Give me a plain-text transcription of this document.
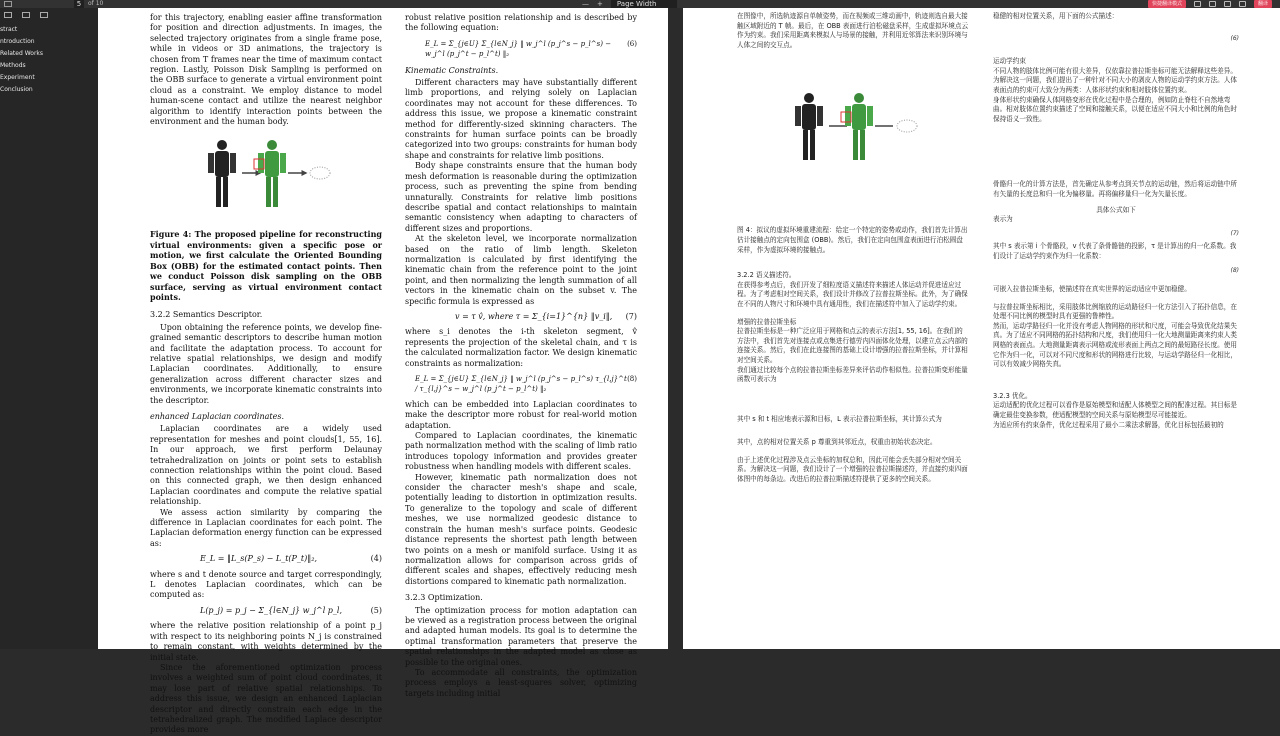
5	of 10	— +	Page Width	快捷翻译模式	翻译
stract
ntroduction
Related Works
Methods
Experiment
Conclusion

for this trajectory, enabling easier affine transformation for position and direction adjustments. In images, the selected trajectory originates from a single frame pose, while in videos or 3D animations, the trajectory is chosen from T frames near the time of maximum contact region. Lastly, Poisson Disk Sampling is performed on the OBB surface to generate a virtual environment point cloud as a constraint. We employ distance to model human-scene contact and utilize the nearest neighbor algorithm to identify interaction points between the environment and the human body.

Figure 4: The proposed pipeline for reconstructing virtual environments: given a specific pose or motion, we first calculate the Oriented Bounding Box (OBB) for the estimated contact points. Then we conduct Poisson disk sampling on the OBB surface, serving as virtual environment contact points.

3.2.2 Semantics Descriptor.

Upon obtaining the reference points, we develop fine-grained semantic descriptors to describe human motion and facilitate the adaptation process. To account for relative spatial relationships, we design and modify Laplacian coordinates. Additionally, to ensure generalization across different character sizes and environments, we incorporate kinematic constraints into the descriptor.

enhanced Laplacian coordinates.

Laplacian coordinates are a widely used representation for meshes and point clouds[1, 55, 16]. In our approach, we first perform Delaunay tetrahedralization on joints or point sets to establish connection relationships within the point cloud. Based on this connected graph, we then design enhanced Laplacian coordinates and compute the relative spatial relationship.

We assess action similarity by comparing the difference in Laplacian coordinates for each point. The Laplacian deformation energy function can be expressed as:

E_L = ‖L_s(P_s) − L_t(P_t)‖₂,	(4)

where s and t denote source and target correspondingly, L denotes Laplacian coordinates, which can be computed as:

L(p_j) = p_j − Σ_{l∈N_j} w_j^l p_l,	(5)

where the relative position relationship of a point p_j with respect to its neighboring points N_j is constrained to remain constant, with weights determined by the initial state.

Since the aforementioned optimization process involves a weighted sum of point cloud coordinates, it may lose part of relative spatial relationships. To address this issue, we design an enhanced Laplacian descriptor and directly constrain each edge in the tetrahedralized graph. The modified Laplace descriptor provides more

robust relative position relationship and is described by the following equation:

E_L = Σ_{j∈U} Σ_{l∈N_j} ‖ w_j^l (p_j^s − p_l^s) − w_j^l (p_j^t − p_l^t) ‖₂
(6)

Kinematic Constraints.

Different characters may have substantially different limb proportions, and relying solely on Laplacian coordinates may not account for these differences. To address this issue, we propose a kinematic constraint method for differently-sized skinning characters. The constraints for human surface points can be broadly categorized into two groups: constraints for human body shape and constraints for relative limb positions.

Body shape constraints ensure that the human body mesh deformation is reasonable during the optimization process, such as preventing the spine from bending unnaturally. Constraints for relative limb positions describe spatial and contact relationships to maintain semantic consistency when adapting to characters of different sizes and proportions.

At the skeleton level, we incorporate normalization based on the ratio of limb length. Skeleton normalization is calculated by first identifying the kinematic chain from the reference point to the joint point, and then normalizing the length summation of all vectors in the kinematic chain on the subset v. The specific formula is expressed as

v = τ v̂, where τ = Σ_{i=1}^{n} ‖v_i‖, (7)

where s_i denotes the i-th skeleton segment, v̂ represents the projection of the skeletal chain, and τ is the calculated normalization factor. We design kinematic constraints as normalization:

E_L = Σ_{j∈U} Σ_{l∈N_j} ‖ w_j^l (p_j^s − p_l^s) τ_{l,j}^t / τ_{l,j}^s − w_j^l (p_j^t − p_l^t) ‖₂
(8)

which can be embedded into Laplacian coordinates to make the descriptor more robust for real-world motion adaptation.

Compared to Laplacian coordinates, the kinematic path normalization method with the scaling of limb ratio introduces topology information and provides greater robustness when handling models with different scales.

However, kinematic path normalization does not consider the character mesh's shape and scale, potentially leading to distortion in optimization results. To generalize to the topology and scale of different meshes, we use normalized geodesic distance to constrain the human mesh's surface points. Geodesic distance represents the shortest path length between two points on a mesh or manifold surface. Using it as normalization allows for comparison across grids of different scales and shapes, effectively reducing mesh distortions compared to kinematic path normalization.

3.2.3 Optimization.

The optimization process for motion adaptation can be viewed as a registration process between the original and adapted human models. Its goal is to determine the optimal transformation parameters that preserve the spatial relationships in the adapted model as close as possible to the original ones.

To accommodate all constraints, the optimization process employs a least-squares solver, optimizing targets including initial

在图像中，所选轨迹源自单帧姿势，而在视频或三维动画中，轨迹则选自最大接触区域附近的 T 帧。最后，在 OBB 表面进行泊松磁盘采样，生成虚拟环境点云作为约束。我们采用距离来模拟人与场景的接触，并利用近邻算法来识别环境与人体之间的交互点。

图 4：拟议的虚拟环境重建流程：给定一个特定的姿势或动作，我们首先计算出估计接触点的定向包围盒 (OBB)。然后，我们在定向包围盒表面进行泊松圆盘采样，作为虚拟环境的接触点。

3.2.2 语义描述符。

在获得参考点后，我们开发了细粒度语义描述符来描述人体运动并促进适应过程。为了考虑相对空间关系，我们设计并修改了拉普拉斯坐标。此外，为了确保在不同的人物尺寸和环境中具有通用性，我们在描述符中加入了运动学约束。

增强的拉普拉斯坐标

拉普拉斯坐标是一种广泛应用于网格和点云的表示方法[1, 55, 16]。在我们的方法中，我们首先对连接点或点集进行德劳内四面体化处理，以建立点云内部的连接关系。然后，我们在此连接图的基础上设计增强的拉普拉斯坐标，并计算相对空间关系。

我们通过比较每个点的拉普拉斯坐标差异来评估动作相似性。拉普拉斯变形能量函数可表示为

其中 s 和 t 相应地表示源和目标，L 表示拉普拉斯坐标，其计算公式为

其中，点的相对位置关系 p 尊重到其邻近点，权重由初始状态决定。

由于上述优化过程涉及点云坐标的加权总和，因此可能会丢失部分相对空间关系。为解决这一问题，我们设计了一个增强的拉普拉斯描述符，并直接约束四面体图中的每条边。改进后的拉普拉斯描述符提供了更多的空间关系。

稳健的相对位置关系，用下面的公式描述：

(6)

运动学约束

不同人物的肢体比例可能有很大差异，仅依靠拉普拉斯坐标可能无法解释这些差异。为解决这一问题，我们提出了一种针对不同大小的剥皮人物的运动学约束方法。人体表面点的约束可大致分为两类：人体形状约束和相对肢体位置约束。

身体形状约束确保人体网格变形在优化过程中是合理的，例如防止脊柱不自然地弯曲。相对肢体位置约束描述了空间和接触关系，以便在适应不同大小和比例的角色时保持语义一致性。

骨骼归一化的计算方法是，首先确定从参考点到关节点的运动链，然后将运动链中所有矢量的长度总和归一化为偏移量。再将偏移量归一化为矢量长度。

具体公式如下

表示为

(7)

其中 s 表示第 i 个骨骼段，v 代表了条骨骼链的投影，τ 是计算出的归一化系数。我们设计了运动学约束作为归一化系数：

(8)

可嵌入拉普拉斯坐标，使描述符在真实世界的运动适应中更加稳健。

与拉普拉斯坐标相比，采用肢体比例缩放的运动路径归一化方法引入了拓扑信息，在处理不同比例的模型时具有更强的鲁棒性。

然而，运动学路径归一化并没有考虑人物网格的形状和尺度，可能会导致优化结果失真。为了适应不同网格的拓扑结构和尺度，我们使用归一化大地测量距离来约束人类网格的表面点。大地测量距离表示网格或流形表面上两点之间的最短路径长度。使用它作为归一化，可以对不同尺度和形状的网格进行比较，与运动学路径归一化相比，可以有效减少网格失真。

3.2.3 优化。

运动适配的优化过程可以看作是原始模型和适配人体模型之间的配准过程。其目标是确定最佳变换参数，使适配模型的空间关系与原始模型尽可能接近。

为适应所有约束条件，优化过程采用了最小二乘法求解器，优化目标包括最初的
